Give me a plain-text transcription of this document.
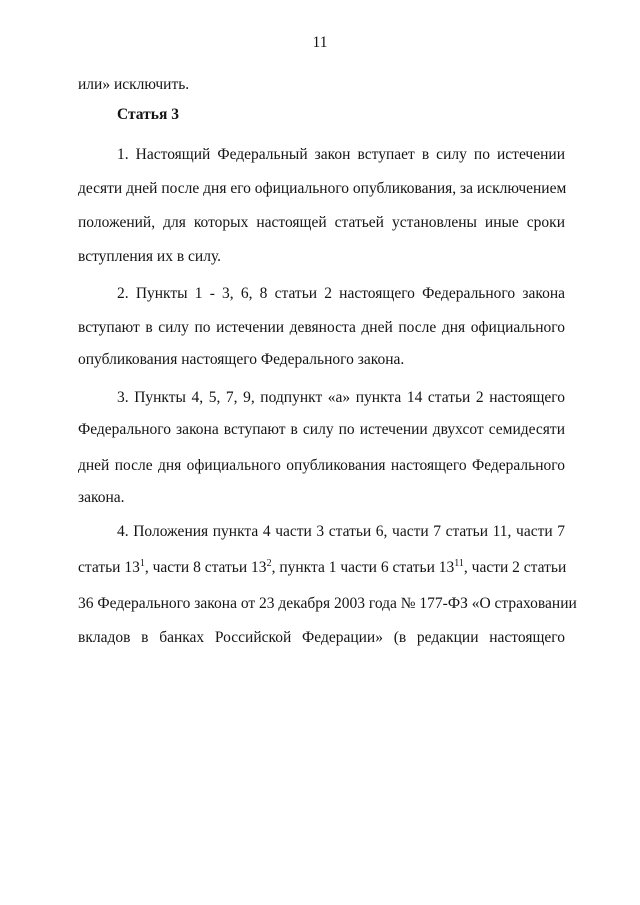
11
или» исключить.
Статья 3
1. Настоящий Федеральный закон вступает в силу по истечении
десяти дней после дня его официального опубликования, за исключением
положений, для которых настоящей статьей установлены иные сроки
вступления их в силу.
2. Пункты 1 - 3, 6, 8 статьи 2 настоящего Федерального закона
вступают в силу по истечении девяноста дней после дня официального
опубликования настоящего Федерального закона.
3. Пункты 4, 5, 7, 9, подпункт «а» пункта 14 статьи 2 настоящего
Федерального закона вступают в силу по истечении двухсот семидесяти
дней после дня официального опубликования настоящего Федерального
закона.
4. Положения пункта 4 части 3 статьи 6, части 7 статьи 11, части 7
статьи $13^1$, части 8 статьи $13^2$, пункта 1 части 6 статьи $13^{11}$, части 2 статьи
36 Федерального закона от 23 декабря 2003 года № 177-ФЗ «О страховании
вкладов в банках Российской Федерации» (в редакции настоящего
